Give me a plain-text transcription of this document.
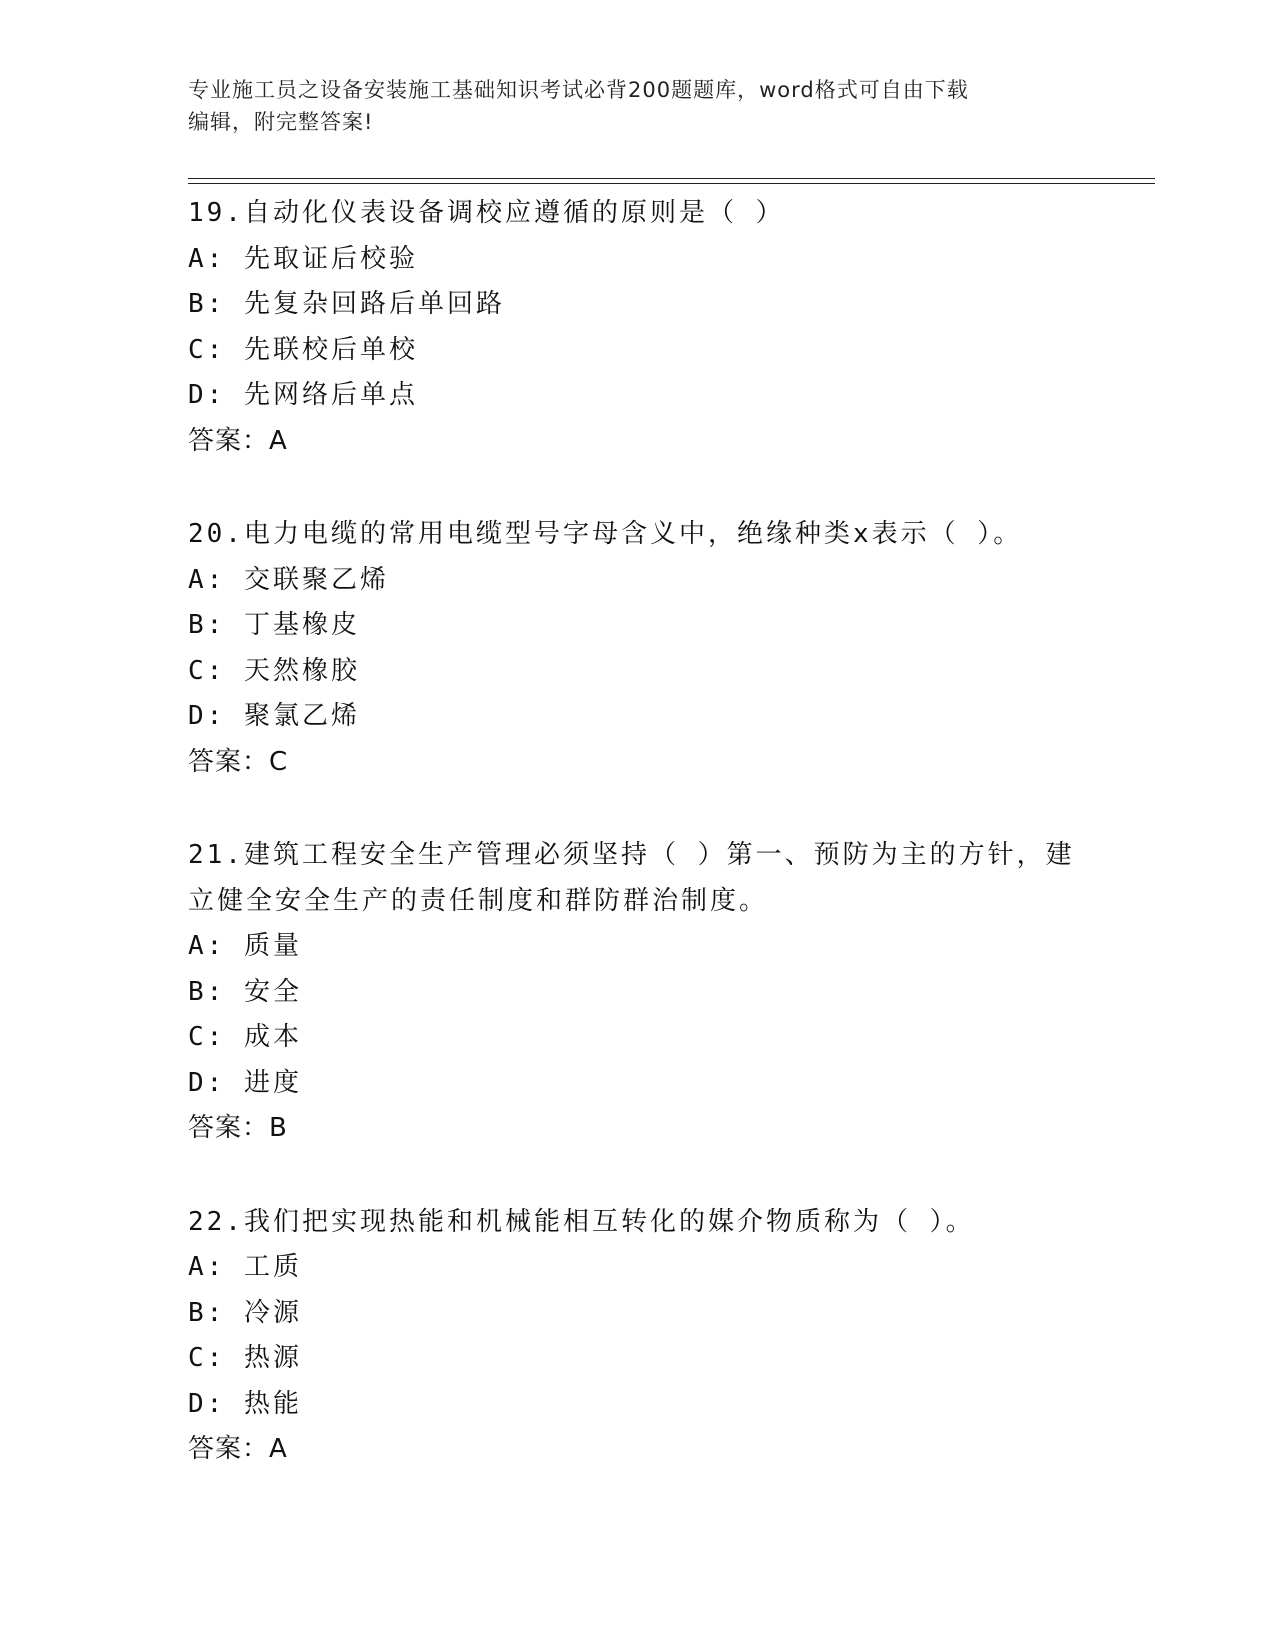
专业施工员之设备安装施工基础知识考试必背200题题库，word格式可自由下载
编辑，附完整答案!
19.自动化仪表设备调校应遵循的原则是（ ）
A: 先取证后校验
B: 先复杂回路后单回路
C: 先联校后单校
D: 先网络后单点
答案：A
20.电力电缆的常用电缆型号字母含义中，绝缘种类x表示（ ）。
A: 交联聚乙烯
B: 丁基橡皮
C: 天然橡胶
D: 聚氯乙烯
答案：C
21.建筑工程安全生产管理必须坚持（ ）第一、预防为主的方针，建
立健全安全生产的责任制度和群防群治制度。
A: 质量
B: 安全
C: 成本
D: 进度
答案：B
22.我们把实现热能和机械能相互转化的媒介物质称为（ ）。
A: 工质
B: 冷源
C: 热源
D: 热能
答案：A
